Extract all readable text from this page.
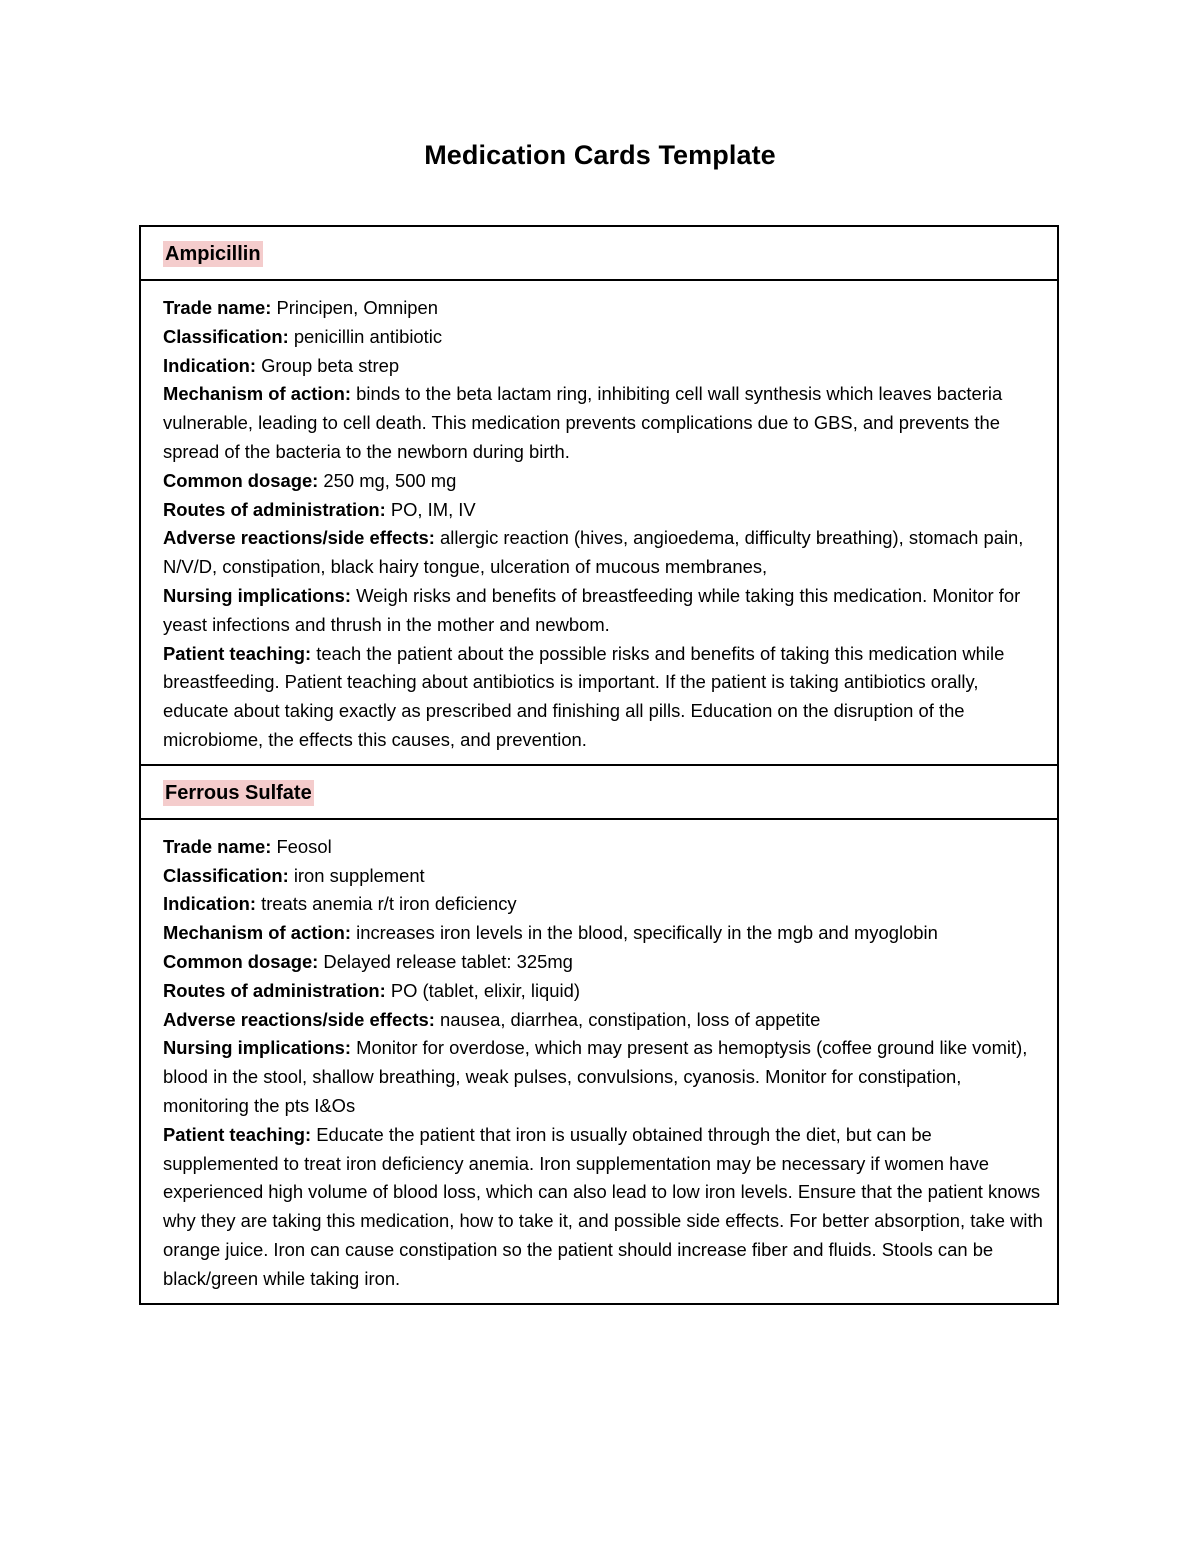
Medication Cards Template
Ampicillin
Trade name: Principen, Omnipen
Classification: penicillin antibiotic
Indication: Group beta strep
Mechanism of action: binds to the beta lactam ring, inhibiting cell wall synthesis which leaves bacteria vulnerable, leading to cell death. This medication prevents complications due to GBS, and prevents the spread of the bacteria to the newborn during birth.
Common dosage: 250 mg, 500 mg
Routes of administration: PO, IM, IV
Adverse reactions/side effects: allergic reaction (hives, angioedema, difficulty breathing), stomach pain, N/V/D, constipation, black hairy tongue, ulceration of mucous membranes,
Nursing implications: Weigh risks and benefits of breastfeeding while taking this medication. Monitor for yeast infections and thrush in the mother and newbom.
Patient teaching: teach the patient about the possible risks and benefits of taking this medication while breastfeeding. Patient teaching about antibiotics is important. If the patient is taking antibiotics orally, educate about taking exactly as prescribed and finishing all pills. Education on the disruption of the microbiome, the effects this causes, and prevention.
Ferrous Sulfate
Trade name: Feosol
Classification: iron supplement
Indication: treats anemia r/t iron deficiency
Mechanism of action: increases iron levels in the blood, specifically in the mgb and myoglobin
Common dosage: Delayed release tablet: 325mg
Routes of administration: PO (tablet, elixir, liquid)
Adverse reactions/side effects: nausea, diarrhea, constipation, loss of appetite
Nursing implications: Monitor for overdose, which may present as hemoptysis (coffee ground like vomit), blood in the stool, shallow breathing, weak pulses, convulsions, cyanosis. Monitor for constipation, monitoring the pts I&Os
Patient teaching: Educate the patient that iron is usually obtained through the diet, but can be supplemented to treat iron deficiency anemia. Iron supplementation may be necessary if women have experienced high volume of blood loss, which can also lead to low iron levels. Ensure that the patient knows why they are taking this medication, how to take it, and possible side effects. For better absorption, take with orange juice. Iron can cause constipation so the patient should increase fiber and fluids. Stools can be black/green while taking iron.
